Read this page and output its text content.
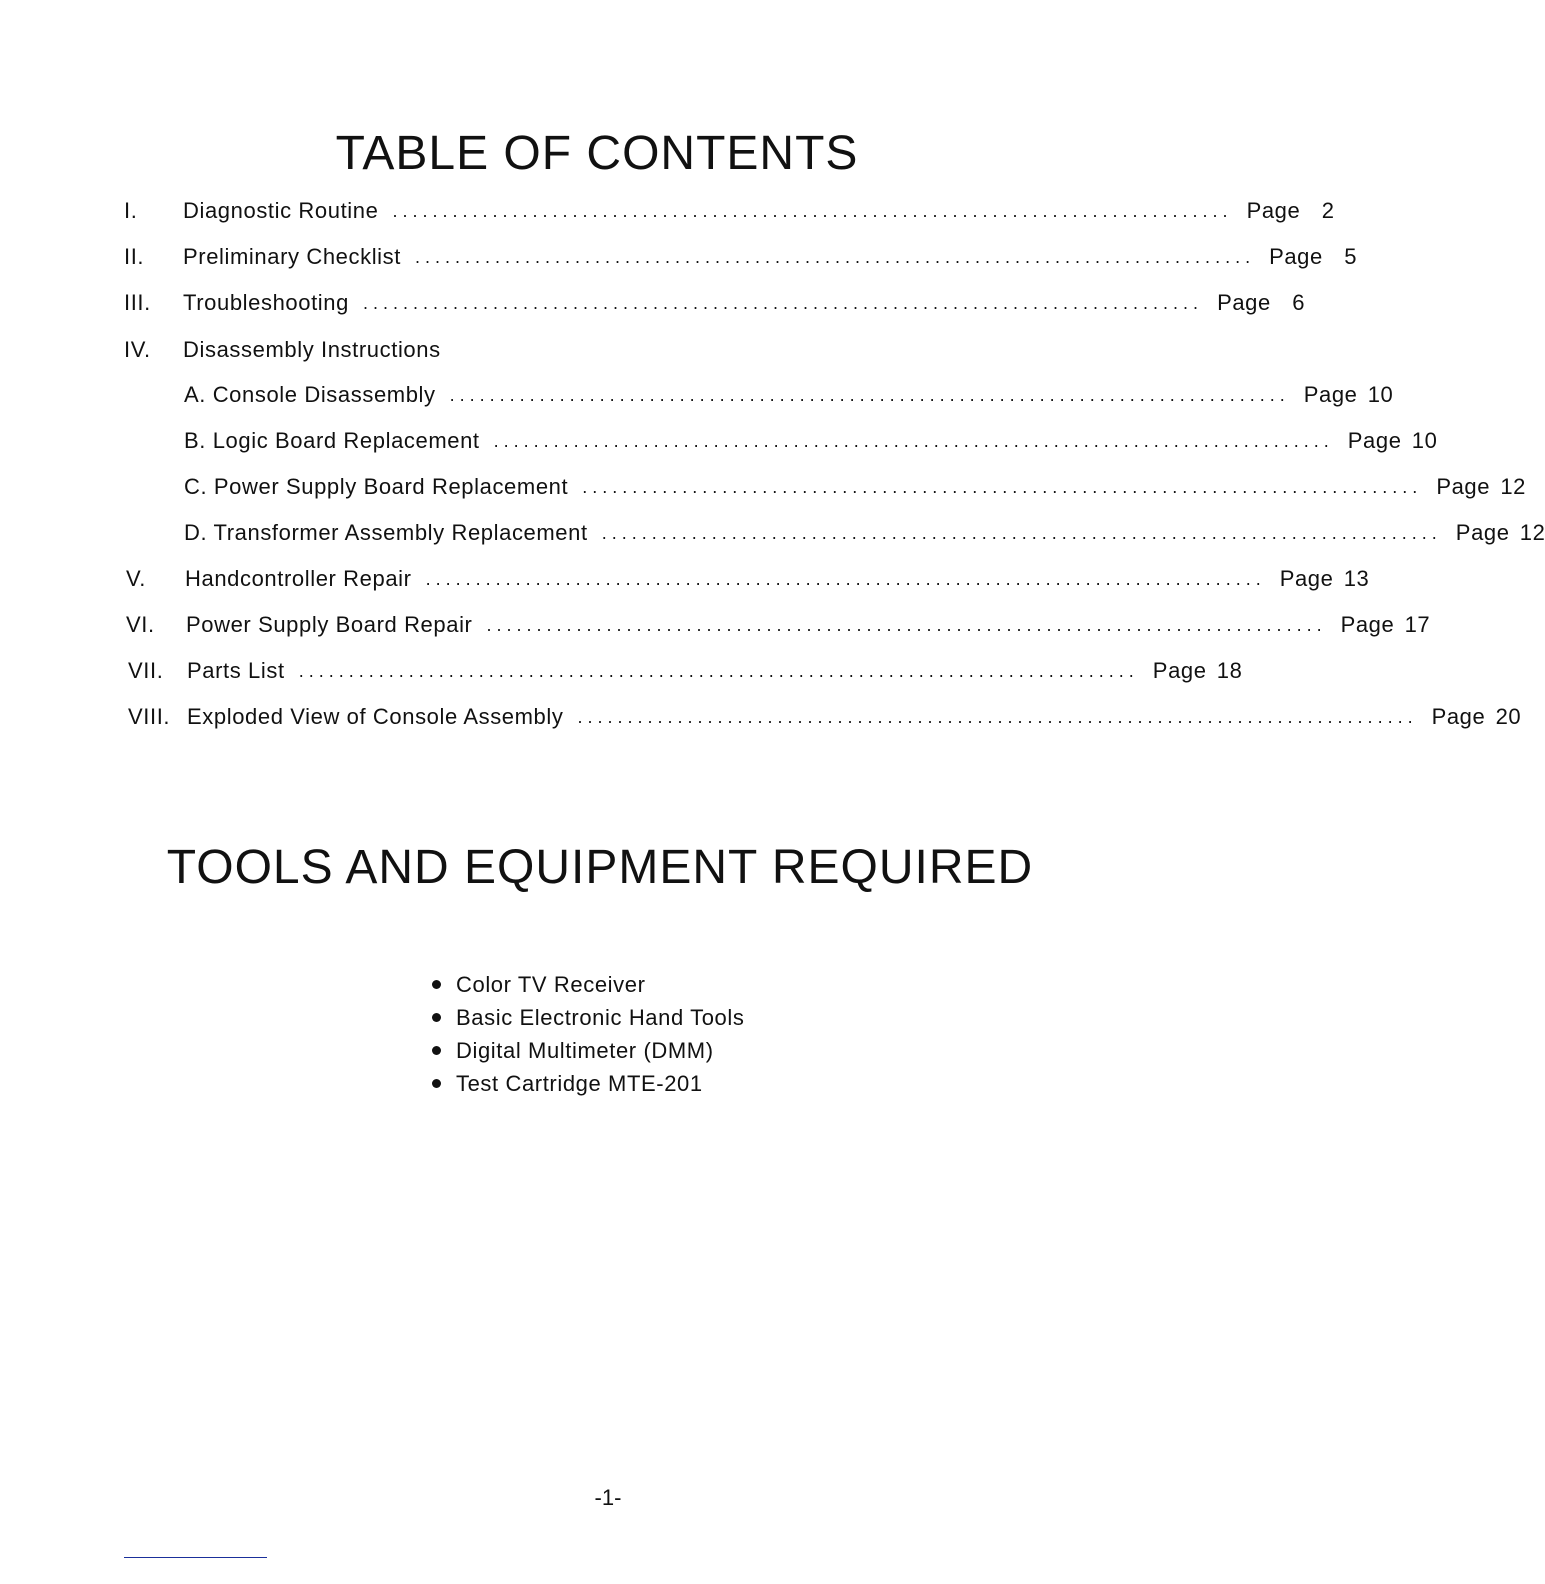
TABLE OF CONTENTS
I.	Diagnostic Routine .................................................................................... Page 2
II.	Preliminary Checklist .................................................................................... Page 5
III.	Troubleshooting .................................................................................... Page 6
IV.	Disassembly Instructions
A. Console Disassembly .................................................................................... Page 10
B. Logic Board Replacement .................................................................................... Page 10
C. Power Supply Board Replacement .................................................................................... Page 12
D. Transformer Assembly Replacement .................................................................................... Page 12
V.	Handcontroller Repair .................................................................................... Page 13
VI.	Power Supply Board Repair .................................................................................... Page 17
VII.	Parts List .................................................................................... Page 18
VIII. Exploded View of Console Assembly .................................................................................... Page 20
TOOLS AND EQUIPMENT REQUIRED
Color TV Receiver
Basic Electronic Hand Tools
Digital Multimeter (DMM)
Test Cartridge MTE-201
-1-
